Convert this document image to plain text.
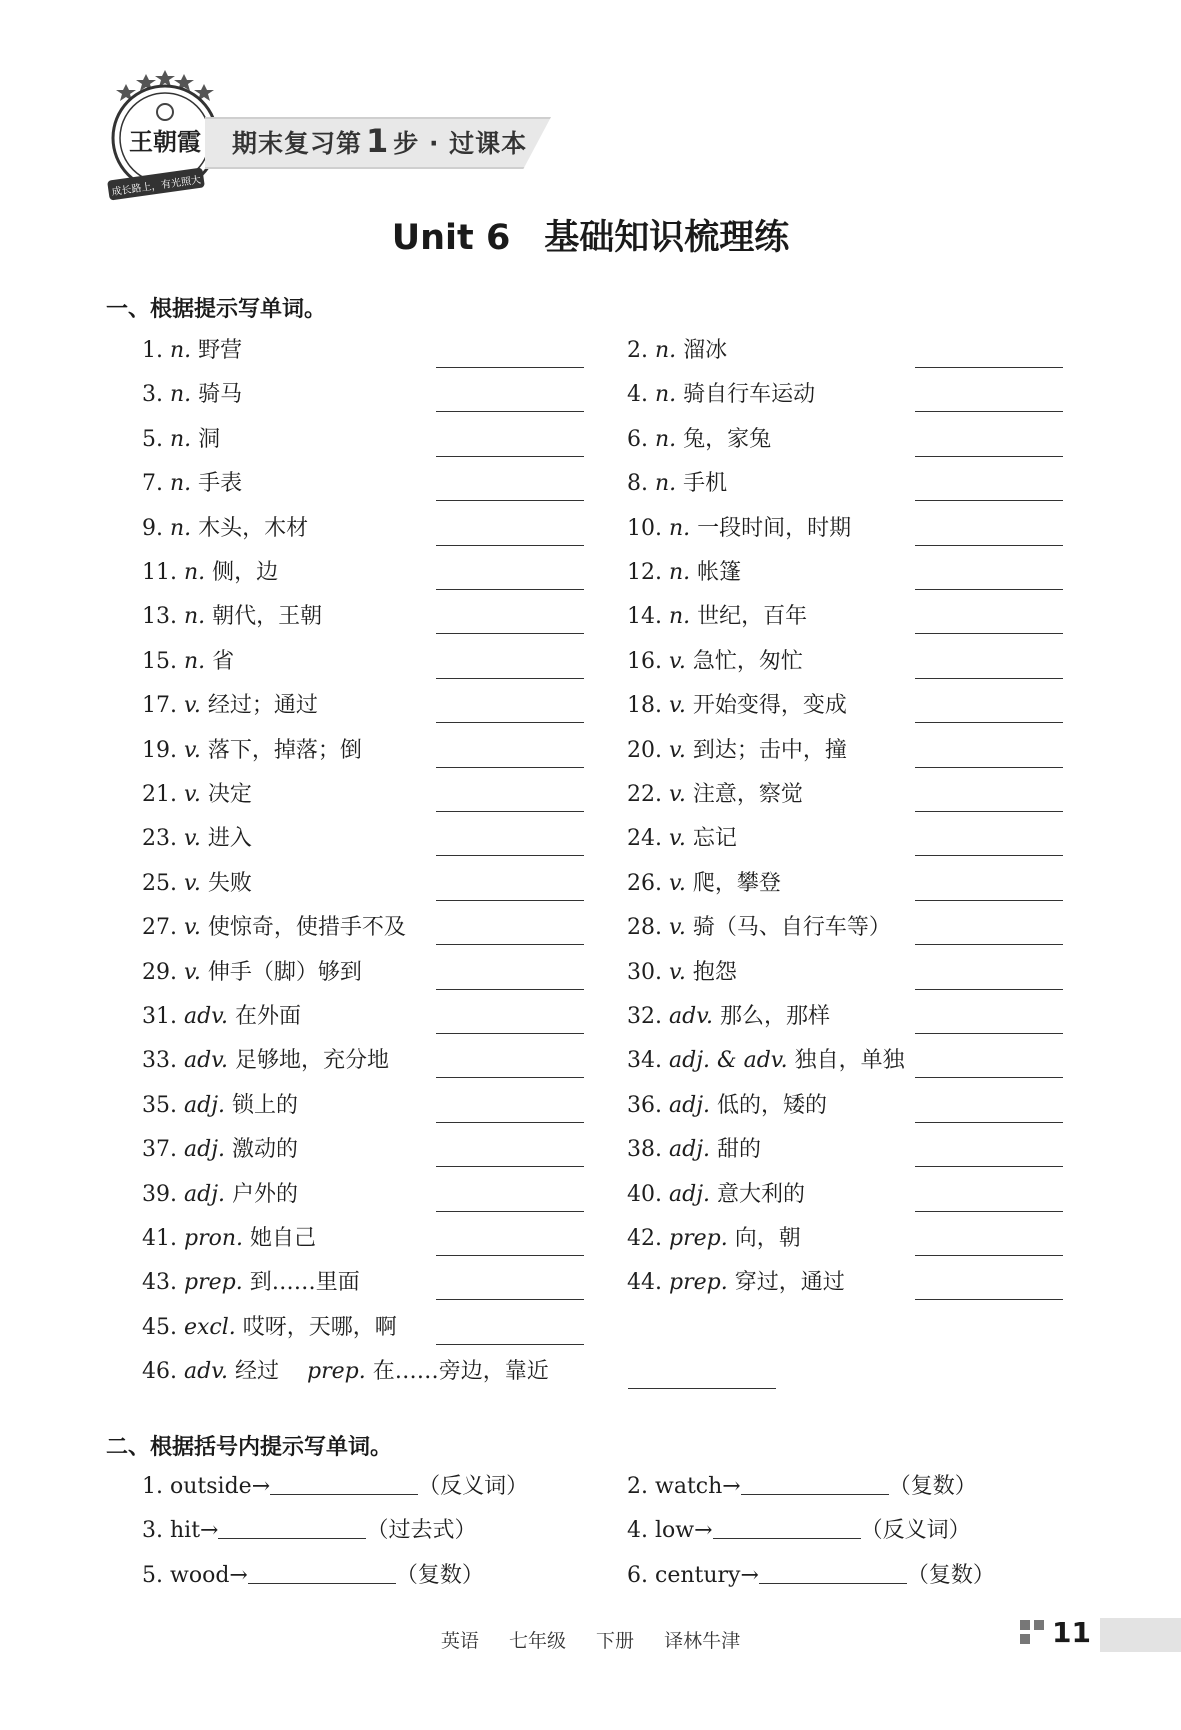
王朝霞
成长路上，有光照大
期末复习第 1 步 · 过课本
Unit 6 基础知识梳理练
一、根据提示写单词。
1. n. 野营	2. n. 溜冰
3. n. 骑马	4. n. 骑自行车运动
5. n. 洞	6. n. 兔，家兔
7. n. 手表	8. n. 手机
9. n. 木头，木材	10. n. 一段时间，时期
11. n. 侧，边	12. n. 帐篷
13. n. 朝代，王朝	14. n. 世纪，百年
15. n. 省	16. v. 急忙，匆忙
17. v. 经过；通过	18. v. 开始变得，变成
19. v. 落下，掉落；倒	20. v. 到达；击中，撞
21. v. 决定	22. v. 注意，察觉
23. v. 进入	24. v. 忘记
25. v. 失败	26. v. 爬，攀登
27. v. 使惊奇，使措手不及	28. v. 骑（马、自行车等）
29. v. 伸手（脚）够到	30. v. 抱怨
31. adv. 在外面	32. adv. 那么，那样
33. adv. 足够地，充分地	34. adj. & adv. 独自，单独
35. adj. 锁上的	36. adj. 低的，矮的
37. adj. 激动的	38. adj. 甜的
39. adj. 户外的	40. adj. 意大利的
41. pron. 她自己	42. prep. 向，朝
43. prep. 到……里面	44. prep. 穿过，通过
45. excl. 哎呀，天哪，啊
46. adv. 经过 prep. 在……旁边，靠近
二、根据括号内提示写单词。
1. outside→	（反义词）	2. watch→	（复数）
3. hit→	（过去式）	4. low→	（反义词）
5. wood→	（复数）	6. century→	（复数）
英语 七年级 下册 译林牛津	11
